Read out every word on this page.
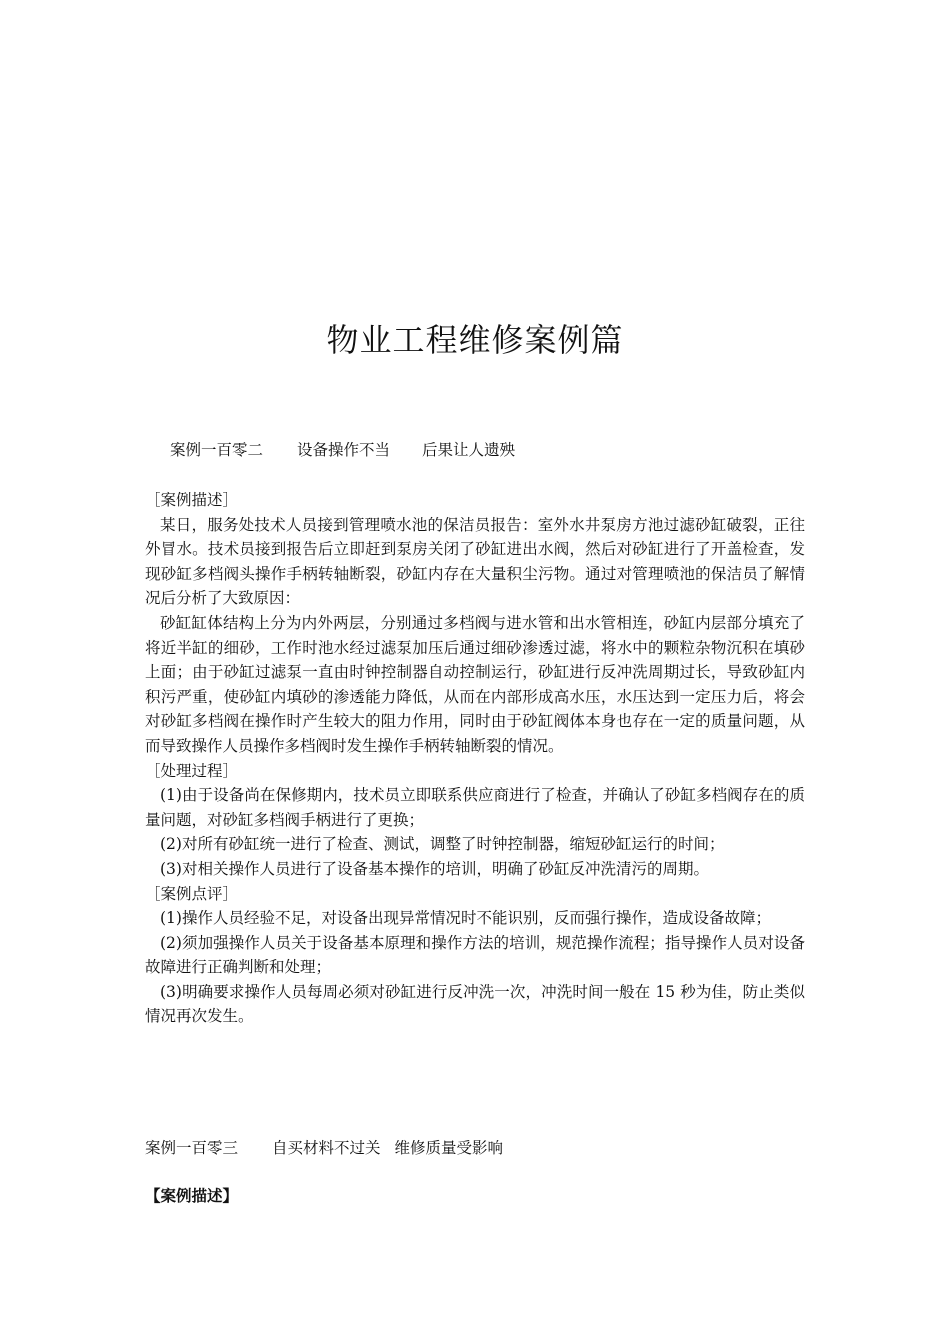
物业工程维修案例篇
案例一百零二 设备操作不当 后果让人遗殃
［案例描述］

某日，服务处技术人员接到管理喷水池的保洁员报告：室外水井泵房方池过滤砂缸破裂，正往外冒水。技术员接到报告后立即赶到泵房关闭了砂缸进出水阀，然后对砂缸进行了开盖检查，发现砂缸多档阀头操作手柄转轴断裂，砂缸内存在大量积尘污物。通过对管理喷池的保洁员了解情况后分析了大致原因：

砂缸缸体结构上分为内外两层，分别通过多档阀与进水管和出水管相连，砂缸内层部分填充了将近半缸的细砂，工作时池水经过滤泵加压后通过细砂渗透过滤，将水中的颗粒杂物沉积在填砂上面；由于砂缸过滤泵一直由时钟控制器自动控制运行，砂缸进行反冲洗周期过长，导致砂缸内积污严重，使砂缸内填砂的渗透能力降低，从而在内部形成高水压，水压达到一定压力后，将会对砂缸多档阀在操作时产生较大的阻力作用，同时由于砂缸阀体本身也存在一定的质量问题，从而导致操作人员操作多档阀时发生操作手柄转轴断裂的情况。

［处理过程］

(1)由于设备尚在保修期内，技术员立即联系供应商进行了检查，并确认了砂缸多档阀存在的质量问题，对砂缸多档阀手柄进行了更换；

(2)对所有砂缸统一进行了检查、测试，调整了时钟控制器，缩短砂缸运行的时间；

(3)对相关操作人员进行了设备基本操作的培训，明确了砂缸反冲洗清污的周期。

［案例点评］

(1)操作人员经验不足，对设备出现异常情况时不能识别，反而强行操作，造成设备故障；

(2)须加强操作人员关于设备基本原理和操作方法的培训，规范操作流程；指导操作人员对设备故障进行正确判断和处理；

(3)明确要求操作人员每周必须对砂缸进行反冲洗一次，冲洗时间一般在 15 秒为佳，防止类似情况再次发生。

案例一百零三 自买材料不过关 维修质量受影响
【案例描述】
